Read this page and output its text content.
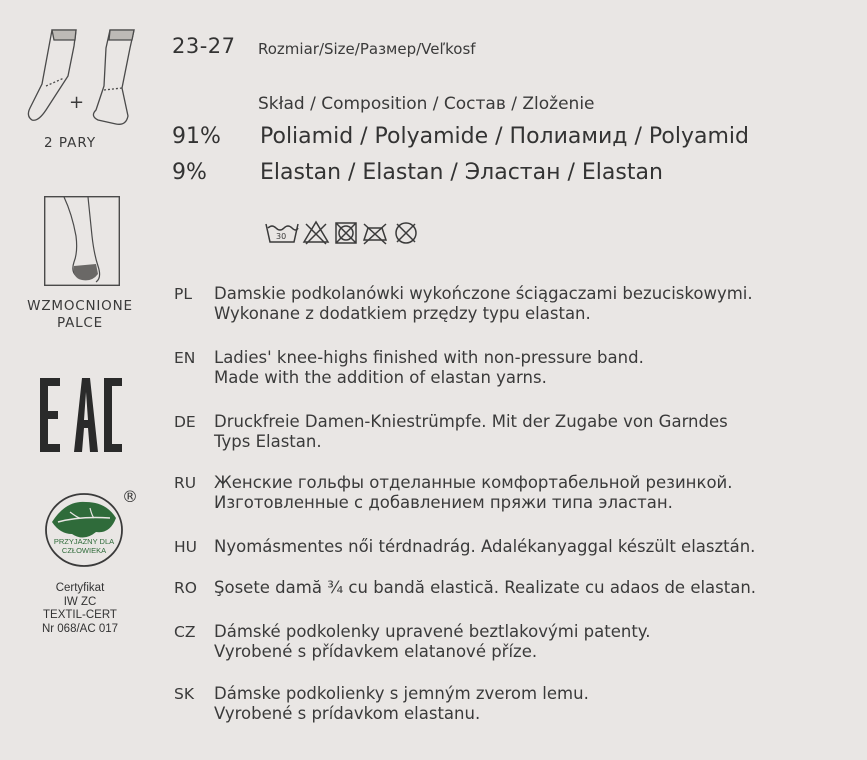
+
2 PARY
WZMOCNIONE
PALCE
PRZYJAZNY DLA
CZŁOWIEKA
®
Certyfikat
IW ZC
TEXTIL-CERT
Nr 068/AC 017
23-27 Rozmiar/Size/Размер/Veľkosf
Skład / Composition / Состав / Zloženie
91% Poliamid / Polyamide / Полиамид / Polyamid
9% Elastan / Elastan / Эластан / Elastan
30
PL	Damskie podkolanówki wykończone ściągaczami bezuciskowymi.
Wykonane z dodatkiem przędzy typu elastan.
EN	Ladies' knee-highs finished with non-pressure band.
Made with the addition of elastan yarns.
DE	Druckfreie Damen-Kniestrümpfe. Mit der Zugabe von Garndes
Typs Elastan.
RU	Женские гольфы отделанные комфортабельной резинкой.
Изготовленные с добавлением пряжи типа эластан.
HU	Nyomásmentes női térdnadrág. Adalékanyaggal készült elasztán.
RO	Şosete damă ¾ cu bandă elastică. Realizate cu adaos de elastan.
CZ	Dámské podkolenky upravené beztlakovými patenty.
Vyrobené s přídavkem elatanové příze.
SK	Dámske podkolienky s jemným zverom lemu.
Vyrobené s prídavkom elastanu.
